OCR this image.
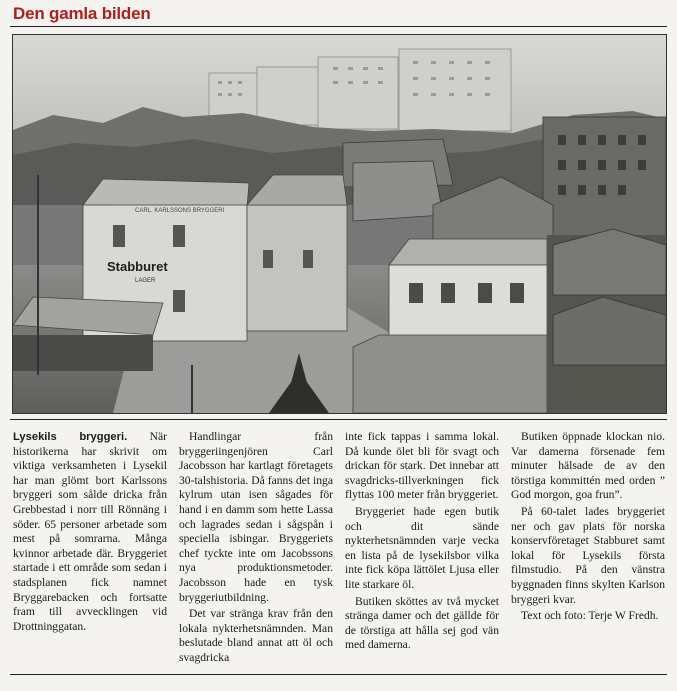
Den gamla bilden
CARL. KARLSSONS BRYGGERI
Stabburet
LAGER

Lysekils bryggeri. När historikerna har skrivit om viktiga verksamheten i Lysekil har man glömt bort Karlssons bryggeri som sålde dricka från Grebbestad i norr till Rönnäng i söder. 65 personer arbetade som mest på somrarna. Många kvinnor arbetade där. Bryggeriet startade i ett område som sedan i stadsplanen fick namnet Bryggarebacken och fortsatte fram till avvecklingen vid Drottninggatan.

Handlingar från bryggeriingenjören Carl Jacobsson har kartlagt företagets 30-talshistoria. Då fanns det inga kylrum utan isen sågades för hand i en damm som hette Lassa och lagrades sedan i sågspån i speciella isbingar. Bryggeriets chef tyckte inte om Jacobssons nya produktionsmetoder. Jacobsson hade en tysk bryggeriutbildning.

Det var stränga krav från den lokala nykterhetsnämnden. Man beslutade bland annat att öl och svagdricka

inte fick tappas i samma lokal. Då kunde ölet bli för svagt och drickan för stark. Det innebar att svagdricks-tillverkningen fick flyttas 100 meter från bryggeriet.

Bryggeriet hade egen butik och dit sände nykterhetsnämnden varje vecka en lista på de lysekilsbor vilka inte fick köpa lättölet Ljusa eller lite starkare öl.

Butiken sköttes av två mycket stränga damer och det gällde för de törstiga att hålla sej god vän med damerna.

Butiken öppnade klockan nio. Var damerna försenade fem minuter hälsade de av den törstiga kommittén med orden ” God morgon, goa frun”.

På 60-talet lades bryggeriet ner och gav plats för norska konservföretaget Stabburet samt lokal för Lysekils första filmstudio. På den vänstra byggnaden finns skylten Karlson bryggeri kvar.

Text och foto: Terje W Fredh.
